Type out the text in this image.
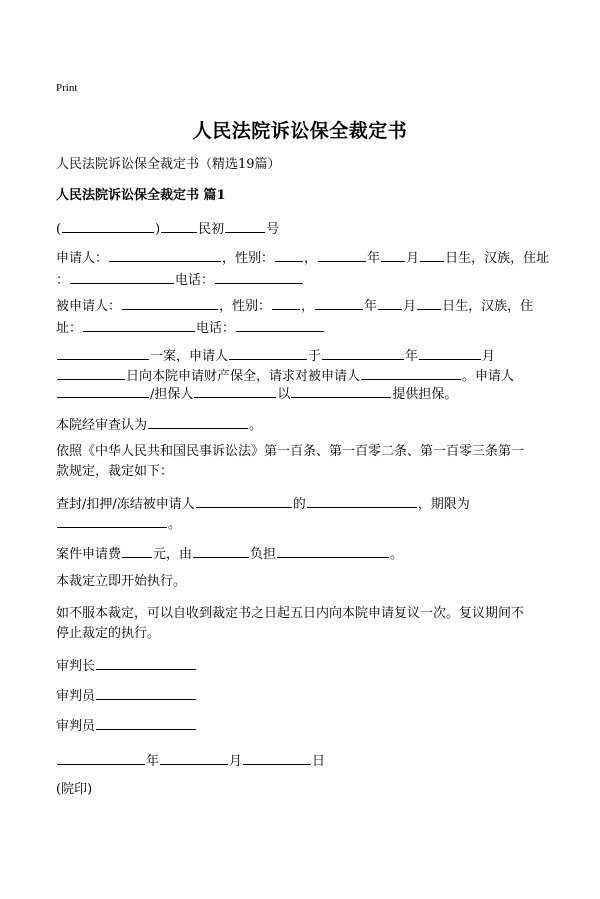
Print
人民法院诉讼保全裁定书
人民法院诉讼保全裁定书（精选19篇）
人民法院诉讼保全裁定书 篇1
(	)	民初	号
申请人：	，性别： ，	年 月 日生，汉族，住址
：	电话：
被申请人：	，性别： ，	年 月 日生，汉族，住
址：	电话：
一案，申请人	于	年	月
日向本院申请财产保全，请求对被申请人	。申请人
/担保人	以	提供担保。
本院经审查认为	。
依照《中华人民共和国民事诉讼法》第一百条、第一百零二条、第一百零三条第一
款规定，裁定如下：
查封/扣押/冻结被申请人	的	，期限为
。
案件申请费 元，由	负担	。
本裁定立即开始执行。
如不服本裁定，可以自收到裁定书之日起五日内向本院申请复议一次。复议期间不
停止裁定的执行。
审判长
审判员
审判员
年	月	日
(院印)
